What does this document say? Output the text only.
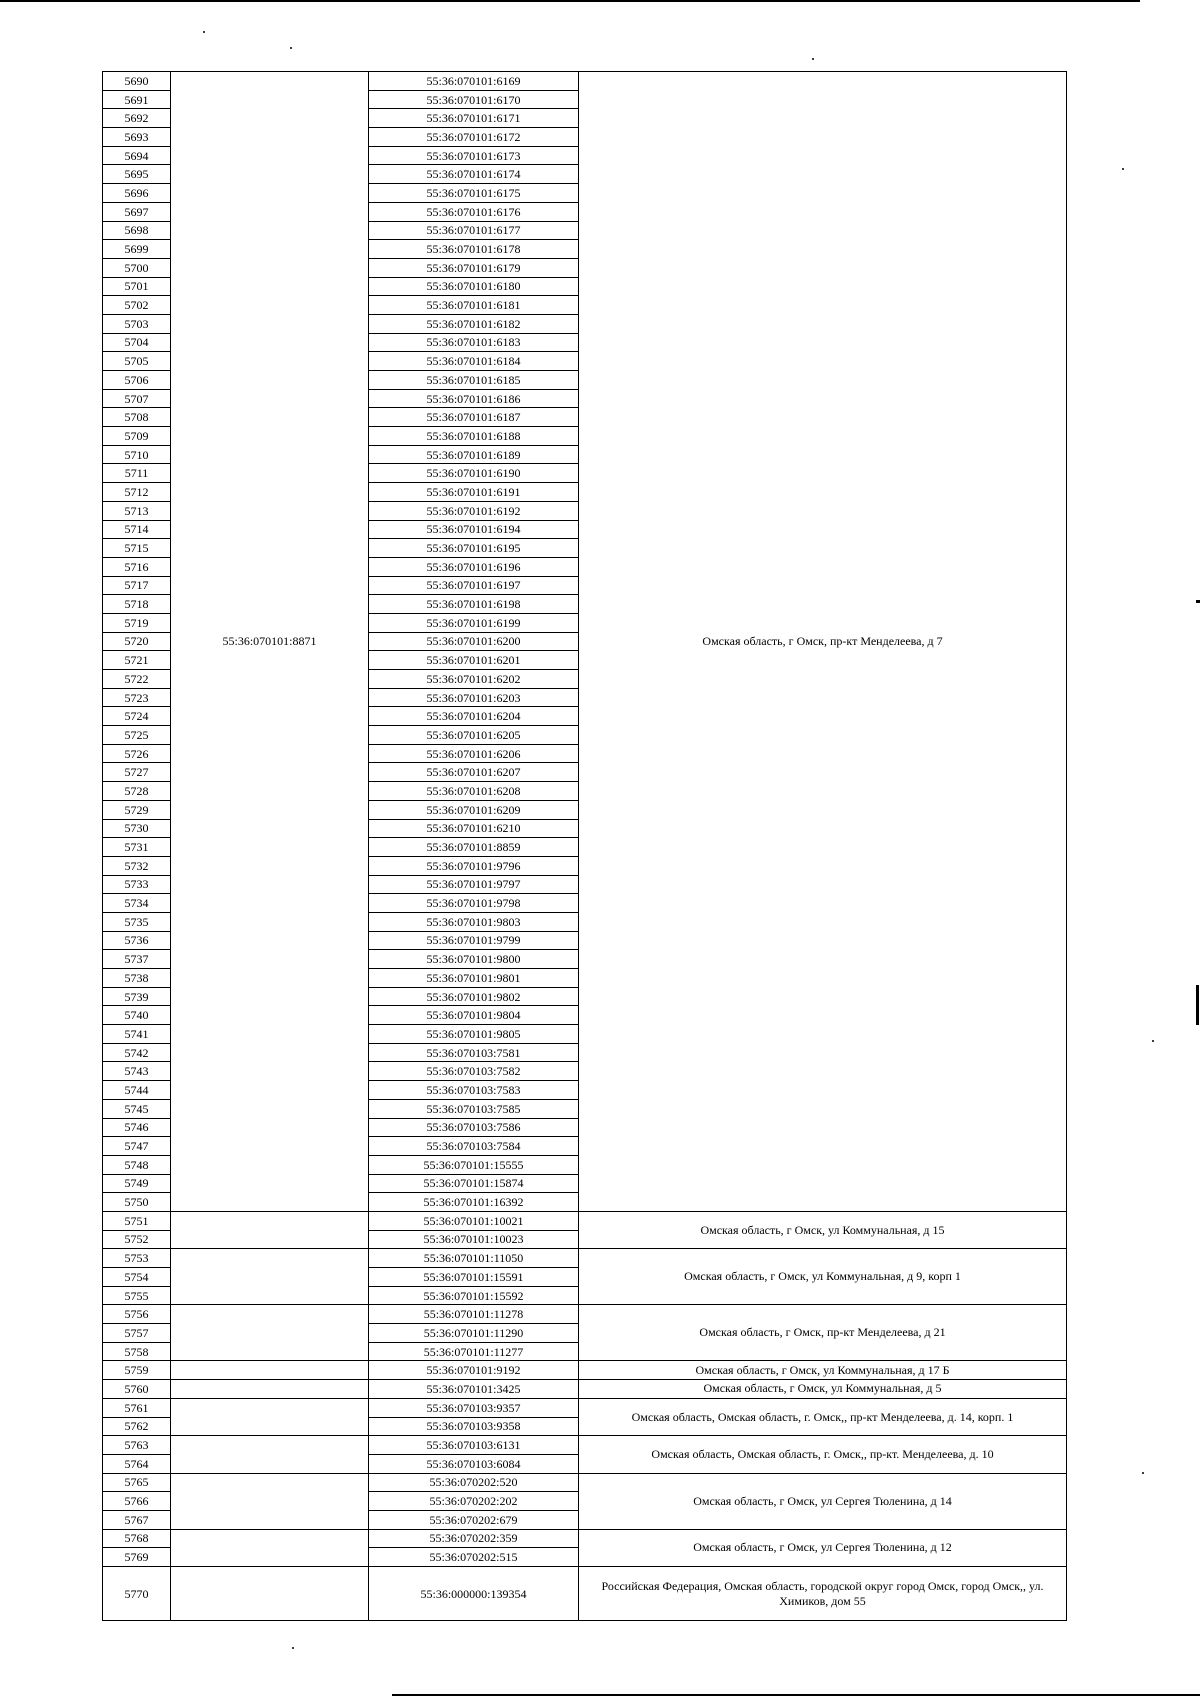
5690	55:36:070101:8871	55:36:070101:6169	Омская область, г Омск, пр-кт Менделеева, д 7
5691		55:36:070101:6170	
5692		55:36:070101:6171	
5693		55:36:070101:6172	
5694		55:36:070101:6173	
5695		55:36:070101:6174	
5696		55:36:070101:6175	
5697		55:36:070101:6176	
5698		55:36:070101:6177	
5699		55:36:070101:6178	
5700		55:36:070101:6179	
5701		55:36:070101:6180	
5702		55:36:070101:6181	
5703		55:36:070101:6182	
5704		55:36:070101:6183	
5705		55:36:070101:6184	
5706		55:36:070101:6185	
5707		55:36:070101:6186	
5708		55:36:070101:6187	
5709		55:36:070101:6188	
5710		55:36:070101:6189	
5711		55:36:070101:6190	
5712		55:36:070101:6191	
5713		55:36:070101:6192	
5714		55:36:070101:6194	
5715		55:36:070101:6195	
5716		55:36:070101:6196	
5717		55:36:070101:6197	
5718		55:36:070101:6198	
5719		55:36:070101:6199	
5720		55:36:070101:6200	
5721		55:36:070101:6201	
5722		55:36:070101:6202	
5723		55:36:070101:6203	
5724		55:36:070101:6204	
5725		55:36:070101:6205	
5726		55:36:070101:6206	
5727		55:36:070101:6207	
5728		55:36:070101:6208	
5729		55:36:070101:6209	
5730		55:36:070101:6210	
5731		55:36:070101:8859	
5732		55:36:070101:9796	
5733		55:36:070101:9797	
5734		55:36:070101:9798	
5735		55:36:070101:9803	
5736		55:36:070101:9799	
5737		55:36:070101:9800	
5738		55:36:070101:9801	
5739		55:36:070101:9802	
5740		55:36:070101:9804	
5741		55:36:070101:9805	
5742		55:36:070103:7581	
5743		55:36:070103:7582	
5744		55:36:070103:7583	
5745		55:36:070103:7585	
5746		55:36:070103:7586	
5747		55:36:070103:7584	
5748		55:36:070101:15555	
5749		55:36:070101:15874	
5750		55:36:070101:16392	
5751		55:36:070101:10021	Омская область, г Омск, ул Коммунальная, д 15
5752		55:36:070101:10023	
5753		55:36:070101:11050	Омская область, г Омск, ул Коммунальная, д 9, корп 1
5754		55:36:070101:15591	
5755		55:36:070101:15592	
5756		55:36:070101:11278	Омская область, г Омск, пр-кт Менделеева, д 21
5757		55:36:070101:11290	
5758		55:36:070101:11277	
5759		55:36:070101:9192	Омская область, г Омск, ул Коммунальная, д 17 Б
5760		55:36:070101:3425	Омская область, г Омск, ул Коммунальная, д 5
5761		55:36:070103:9357	Омская область, Омская область, г. Омск,, пр-кт Менделеева, д. 14, корп. 1
5762		55:36:070103:9358	
5763		55:36:070103:6131	Омская область, Омская область, г. Омск,, пр-кт. Менделеева, д. 10
5764		55:36:070103:6084	
5765		55:36:070202:520	Омская область, г Омск, ул Сергея Тюленина, д 14
5766		55:36:070202:202	
5767		55:36:070202:679	
5768		55:36:070202:359	Омская область, г Омск, ул Сергея Тюленина, д 12
5769		55:36:070202:515	
5770		55:36:000000:139354	Российская Федерация, Омская область, городской округ город Омск, город Омск,, ул. Химиков, дом 55
